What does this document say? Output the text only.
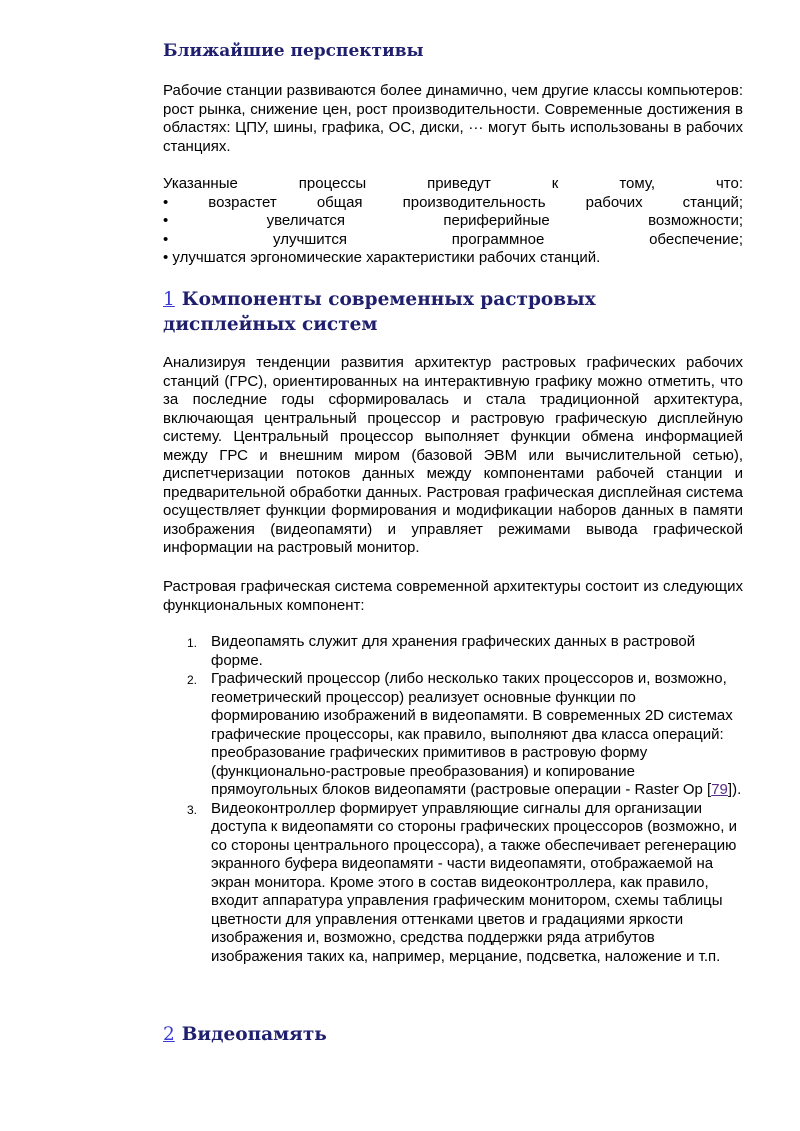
Ближайшие перспективы

Рабочие станции развиваются более динамично, чем другие классы компьютеров: рост рынка, снижение цен, рост производительности. Современные достижения в областях: ЦПУ, шины, графика, ОС, диски, ··· могут быть использованы в рабочих станциях.

Указанные процессы приведут к тому, что:
• возрастет общая производительность рабочих станций;
• увеличатся периферийные возможности;
• улучшится программное обеспечение;
• улучшатся эргономические характеристики рабочих станций.
1 Компоненты современных растровых дисплейных систем

Анализируя тенденции развития архитектур растровых графических рабочих станций (ГРС), ориентированных на интерактивную графику можно отметить, что за последние годы сформировалась и стала традиционной архитектура, включающая центральный процессор и растровую графическую дисплейную систему. Центральный процессор выполняет функции обмена информацией между ГРС и внешним миром (базовой ЭВМ или вычислительной сетью), диспетчеризации потоков данных между компонентами рабочей станции и предварительной обработки данных. Растровая графическая дисплейная система осуществляет функции формирования и модификации наборов данных в памяти изображения (видеопамяти) и управляет режимами вывода графической информации на растровый монитор.

Растровая графическая система современной архитектуры состоит из следующих функциональных компонент:

1. Видеопамять служит для хранения графических данных в растровой форме.
2. Графический процессор (либо несколько таких процессоров и, возможно, геометрический процессор) реализует основные функции по формированию изображений в видеопамяти. В современных 2D системах графические процессоры, как правило, выполняют два класса операций: преобразование графических примитивов в растровую форму (функционально-растровые преобразования) и копирование прямоугольных блоков видеопамяти (растровые операции - Raster Op [79]).
3. Видеоконтроллер формирует управляющие сигналы для организации доступа к видеопамяти со стороны графических процессоров (возможно, и со стороны центрального процессора), а также обеспечивает регенерацию экранного буфера видеопамяти - части видеопамяти, отображаемой на экран монитора. Кроме этого в состав видеоконтроллера, как правило, входит аппаратура управления графическим монитором, схемы таблицы цветности для управления оттенками цветов и градациями яркости изображения и, возможно, средства поддержки ряда атрибутов изображения таких ка, например, мерцание, подсветка, наложение и т.п.
2 Видеопамять
